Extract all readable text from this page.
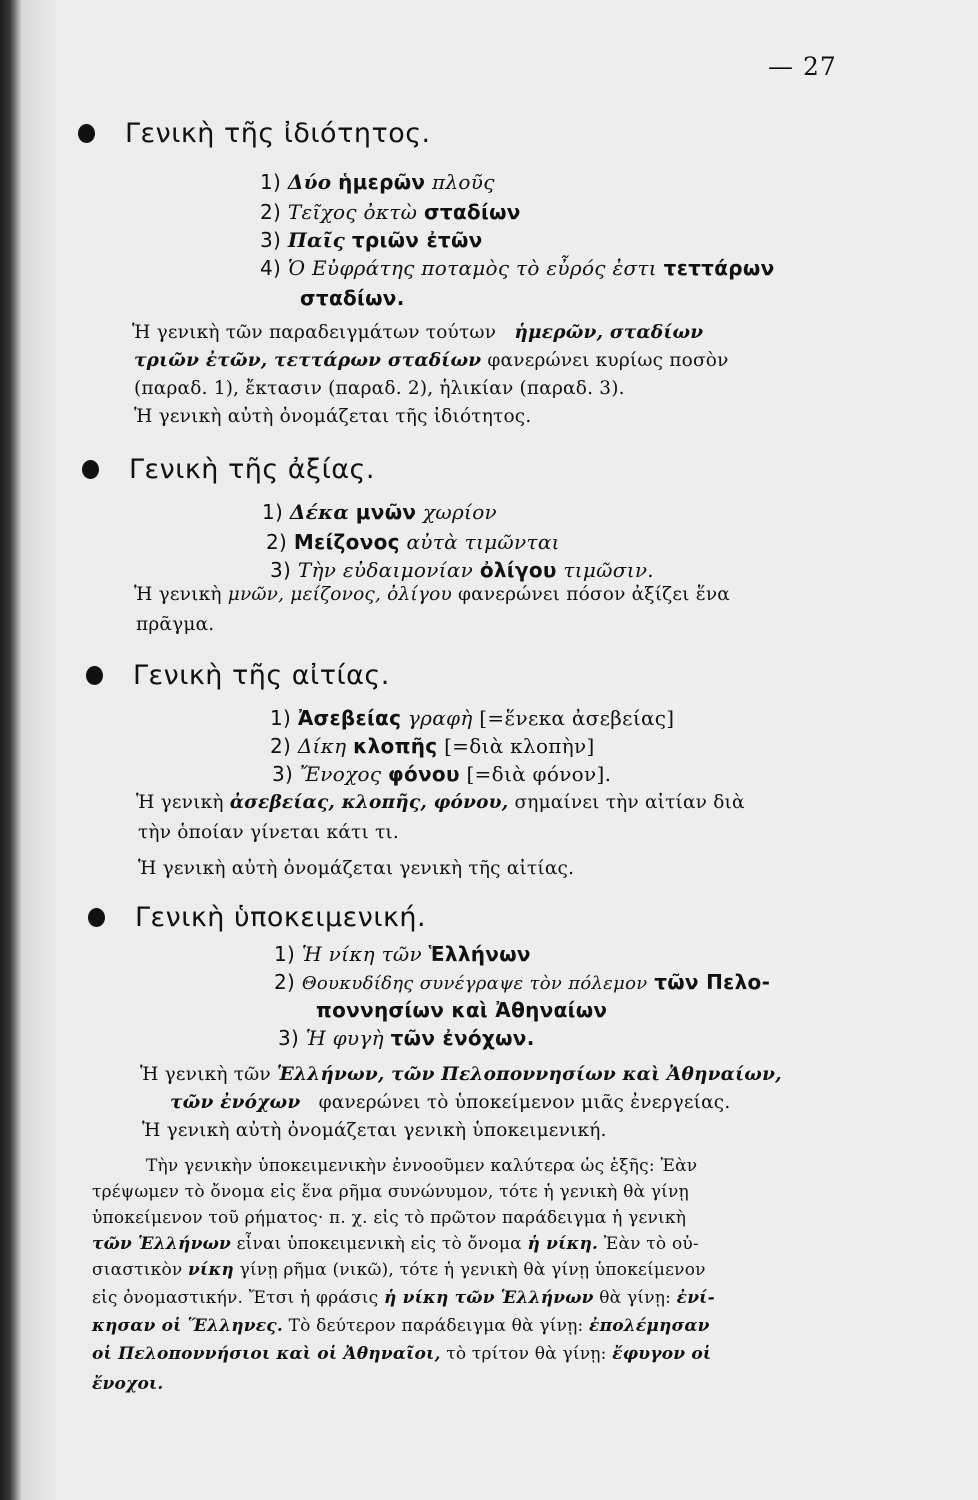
— 27
Γενικὴ τῆς ἰδιότητος.
1) Δύο ἡμερῶν πλοῦς
2) Τεῖχος ὀκτὼ σταδίων
3) Παῖς τριῶν ἐτῶν
4) Ὁ Εὐφράτης ποταμὸς τὸ εὖρός ἐστι τεττάρων
σταδίων.
Ἡ γενικὴ τῶν παραδειγμάτων τούτων ἡμερῶν, σταδίων
τριῶν ἐτῶν, τεττάρων σταδίων φανερώνει κυρίως ποσὸν
(παραδ. 1), ἔκτασιν (παραδ. 2), ἡλικίαν (παραδ. 3).
Ἡ γενικὴ αὐτὴ ὀνομάζεται τῆς ἰδιότητος.
Γενικὴ τῆς ἀξίας.
1) Δέκα μνῶν χωρίον
2) Μείζονος αὐτὰ τιμῶνται
3) Τὴν εὐδαιμονίαν ὀλίγου τιμῶσιν.
Ἡ γενικὴ μνῶν, μείζονος, ὀλίγου φανερώνει πόσον ἀξίζει ἕνα
πρᾶγμα.
Γενικὴ τῆς αἰτίας.
1) Ἀσεβείας γραφὴ [=ἕνεκα ἀσεβείας]
2) Δίκη κλοπῆς [=διὰ κλοπὴν]
3) Ἔνοχος φόνου [=διὰ φόνον].
Ἡ γενικὴ ἀσεβείας, κλοπῆς, φόνου, σημαίνει τὴν αἰτίαν διὰ
τὴν ὁποίαν γίνεται κάτι τι.
Ἡ γενικὴ αὐτὴ ὀνομάζεται γενικὴ τῆς αἰτίας.
Γενικὴ ὑποκειμενική.
1) Ἡ νίκη τῶν Ἑλλήνων
2) Θουκυδίδης συνέγραψε τὸν πόλεμον τῶν Πελο-
ποννησίων καὶ Ἀθηναίων
3) Ἡ φυγὴ τῶν ἐνόχων.
Ἡ γενικὴ τῶν Ἑλλήνων, τῶν Πελοποννησίων καὶ Ἀθηναίων,
τῶν ἐνόχων φανερώνει τὸ ὑποκείμενον μιᾶς ἐνεργείας.
Ἡ γενικὴ αὐτὴ ὀνομάζεται γενικὴ ὑποκειμενική.
Τὴν γενικὴν ὑποκειμενικὴν ἐννοοῦμεν καλύτερα ὡς ἑξῆς: Ἐὰν
τρέψωμεν τὸ ὄνομα εἰς ἕνα ρῆμα συνώνυμον, τότε ἡ γενικὴ θὰ γίνῃ
ὑποκείμενον τοῦ ρήματος· π. χ. εἰς τὸ πρῶτον παράδειγμα ἡ γενικὴ
τῶν Ἑλλήνων εἶναι ὑποκειμενικὴ εἰς τὸ ὄνομα ἡ νίκη. Ἐὰν τὸ οὐ-
σιαστικὸν νίκη γίνῃ ρῆμα (νικῶ), τότε ἡ γενικὴ θὰ γίνῃ ὑποκείμενον
εἰς ὀνομαστικήν. Ἔτσι ἡ φράσις ἡ νίκη τῶν Ἑλλήνων θὰ γίνῃ: ἐνί-
κησαν οἱ Ἕλληνες. Τὸ δεύτερον παράδειγμα θὰ γίνῃ: ἐπολέμησαν
οἱ Πελοποννήσιοι καὶ οἱ Ἀθηναῖοι, τὸ τρίτον θὰ γίνῃ: ἔφυγον οἱ
ἔνοχοι.
